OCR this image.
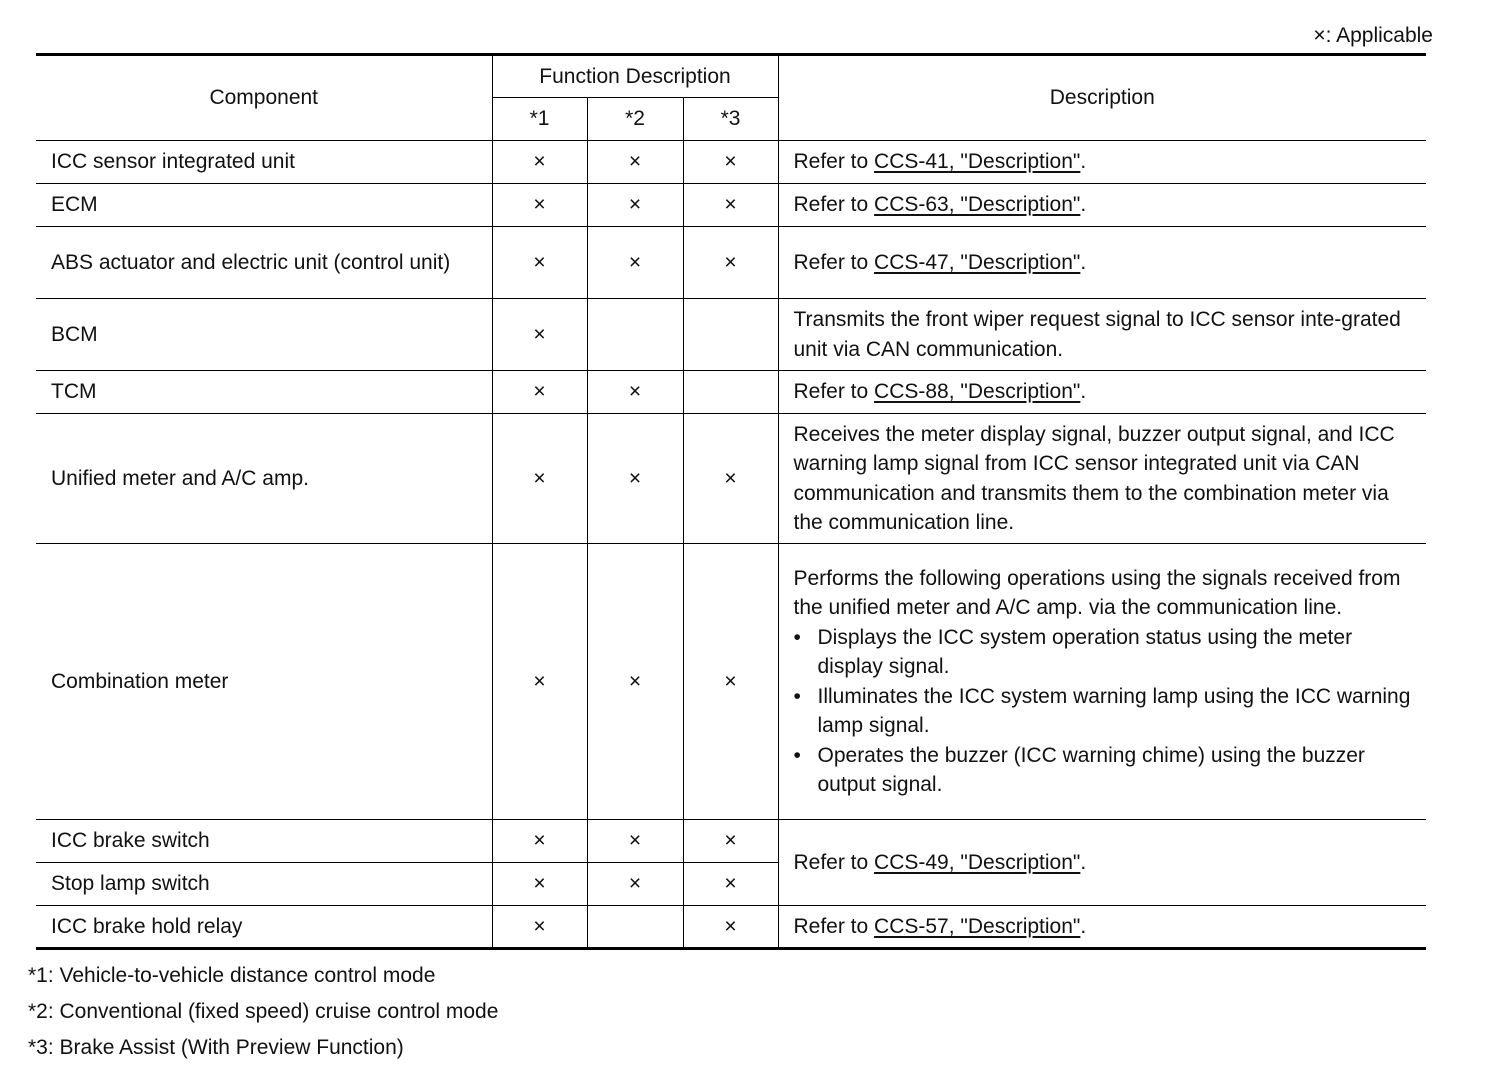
×: Applicable
Component	Function Description			Description
	*1	*2	*3	
ICC sensor integrated unit	×	×	×	Refer to CCS-41, "Description".
ECM	×	×	×	Refer to CCS-63, "Description".
ABS actuator and electric unit (control unit)	×	×	×	Refer to CCS-47, "Description".
BCM	×			Transmits the front wiper request signal to ICC sensor inte-grated unit via CAN communication.
TCM	×	×		Refer to CCS-88, "Description".
Unified meter and A/C amp.	×	×	×	Receives the meter display signal, buzzer output signal, and ICC warning lamp signal from ICC sensor integrated unit via CAN communication and transmits them to the combination meter via the communication line.
Combination meter	×	×	×	Performs the following operations using the signals received from the unified meter and A/C amp. via the communication line.
• Displays the ICC system operation status using the meter display signal.
• Illuminates the ICC system warning lamp using the ICC warning lamp signal.
• Operates the buzzer (ICC warning chime) using the buzzer output signal.

ICC brake switch	×	×	×	Refer to CCS-49, "Description".
Stop lamp switch	×	×	×	
ICC brake hold relay	×		×	Refer to CCS-57, "Description".
*1: Vehicle-to-vehicle distance control mode
*2: Conventional (fixed speed) cruise control mode
*3: Brake Assist (With Preview Function)
